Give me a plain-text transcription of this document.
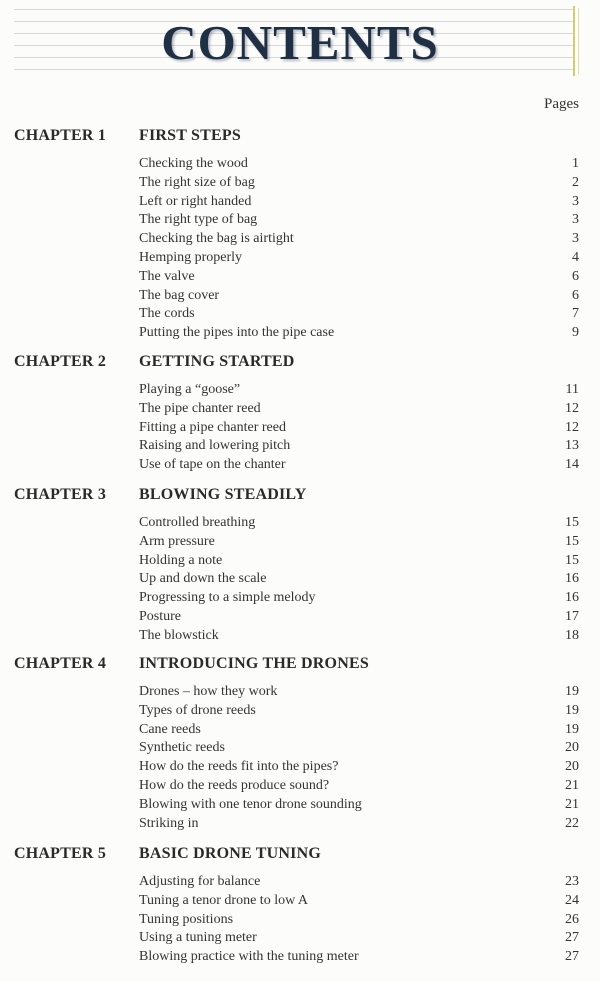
CONTENTS
Pages
CHAPTER 1 FIRST STEPS
Checking the wood	1
The right size of bag	2
Left or right handed	3
The right type of bag	3
Checking the bag is airtight	3
Hemping properly	4
The valve	6
The bag cover	6
The cords	7
Putting the pipes into the pipe case	9
CHAPTER 2 GETTING STARTED
Playing a “goose”	11
The pipe chanter reed	12
Fitting a pipe chanter reed	12
Raising and lowering pitch	13
Use of tape on the chanter	14
CHAPTER 3 BLOWING STEADILY
Controlled breathing	15
Arm pressure	15
Holding a note	15
Up and down the scale	16
Progressing to a simple melody	16
Posture	17
The blowstick	18
CHAPTER 4 INTRODUCING THE DRONES
Drones – how they work	19
Types of drone reeds	19
Cane reeds	19
Synthetic reeds	20
How do the reeds fit into the pipes?	20
How do the reeds produce sound?	21
Blowing with one tenor drone sounding	21
Striking in	22
CHAPTER 5 BASIC DRONE TUNING
Adjusting for balance	23
Tuning a tenor drone to low A	24
Tuning positions	26
Using a tuning meter	27
Blowing practice with the tuning meter	27
